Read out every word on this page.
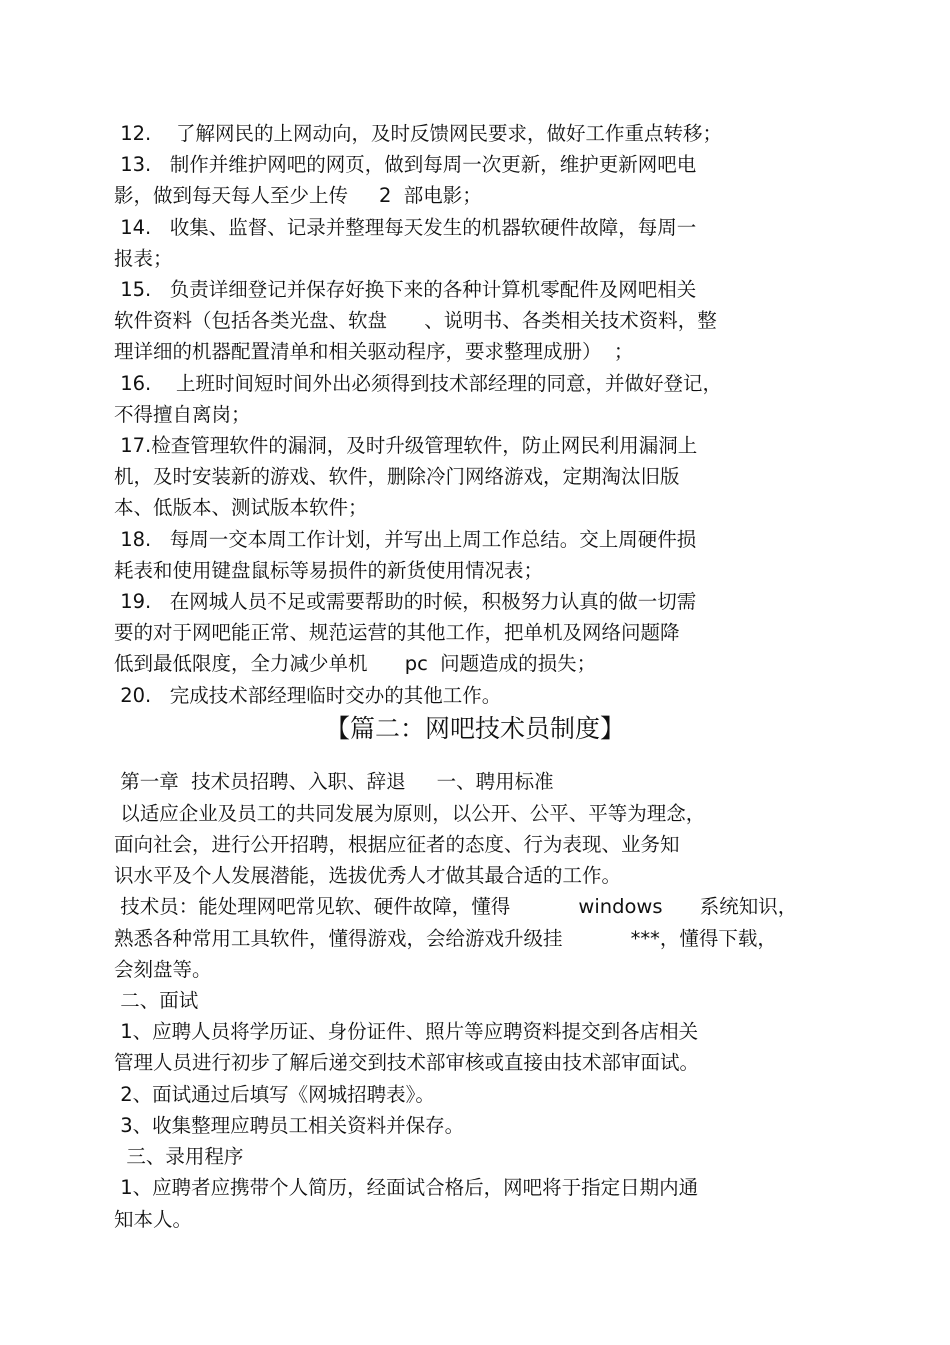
12.    了解网民的上网动向，及时反馈网民要求，做好工作重点转移；
13.   制作并维护网吧的网页，做到每周一次更新，维护更新网吧电
影，做到每天每人至少上传     2  部电影；
14.   收集、监督、记录并整理每天发生的机器软硬件故障，每周一
报表；
15.   负责详细登记并保存好换下来的各种计算机零配件及网吧相关
软件资料（包括各类光盘、软盘      、说明书、各类相关技术资料，整
理详细的机器配置清单和相关驱动程序，要求整理成册）  ；
16.    上班时间短时间外出必须得到技术部经理的同意，并做好登记，
不得擅自离岗；
17.检查管理软件的漏洞，及时升级管理软件，防止网民利用漏洞上
机，及时安装新的游戏、软件，删除冷门网络游戏，定期淘汰旧版
本、低版本、测试版本软件；
18.   每周一交本周工作计划，并写出上周工作总结。交上周硬件损
耗表和使用键盘鼠标等易损件的新货使用情况表；
19.   在网城人员不足或需要帮助的时候，积极努力认真的做一切需
要的对于网吧能正常、规范运营的其他工作，把单机及网络问题降
低到最低限度，全力减少单机      pc  问题造成的损失；
20.   完成技术部经理临时交办的其他工作。
【篇二：网吧技术员制度】
第一章  技术员招聘、入职、辞退     一、聘用标准
以适应企业及员工的共同发展为原则，以公开、公平、平等为理念，
面向社会，进行公开招聘，根据应征者的态度、行为表现、业务知
识水平及个人发展潜能，选拔优秀人才做其最合适的工作。
技术员：能处理网吧常见软、硬件故障，懂得           windows      系统知识，
熟悉各种常用工具软件，懂得游戏，会给游戏升级挂           ***，懂得下载，
会刻盘等。
二、面试
1、应聘人员将学历证、身份证件、照片等应聘资料提交到各店相关
管理人员进行初步了解后递交到技术部审核或直接由技术部审面试。
2、面试通过后填写《网城招聘表》。
3、收集整理应聘员工相关资料并保存。
三、录用程序
1、应聘者应携带个人简历，经面试合格后，网吧将于指定日期内通
知本人。
